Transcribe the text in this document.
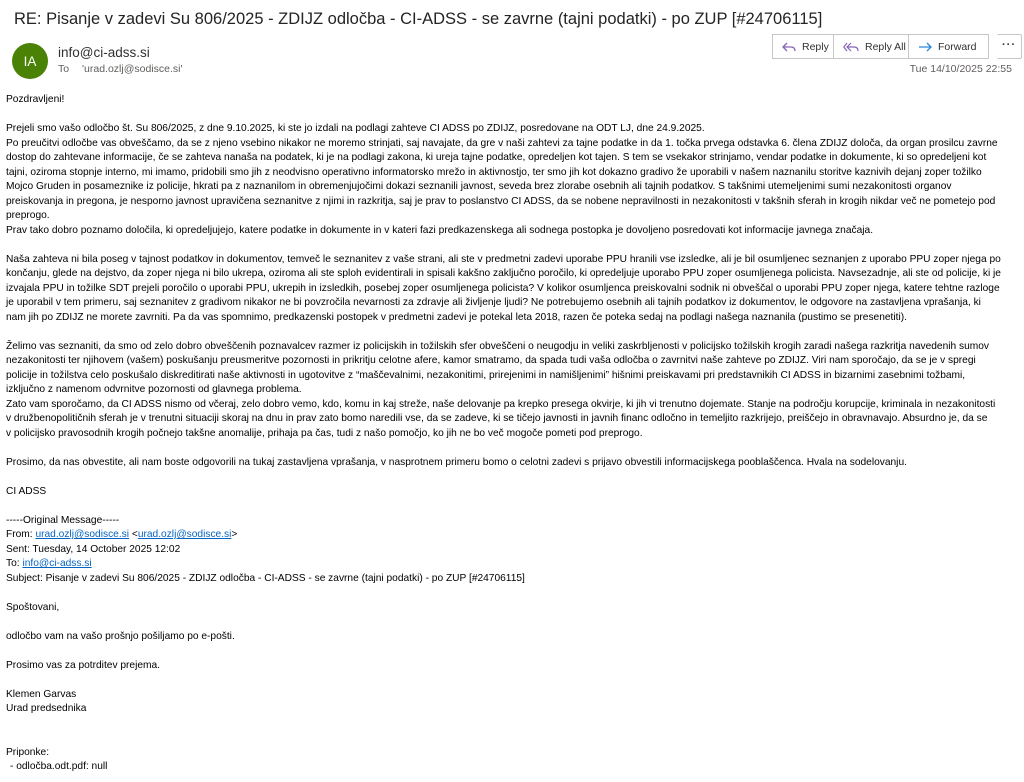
RE: Pisanje v zadevi Su 806/2025 - ZDIJZ odločba - CI-ADSS - se zavrne (tajni podatki) - po ZUP [#24706115]
IA
info@ci-adss.si
To 'urad.ozlj@sodisce.si'
Reply	Reply All	Forward	···
Tue 14/10/2025 22:55

Pozdravljeni!

Prejeli smo vašo odločbo št. Su 806/2025, z dne 9.10.2025, ki ste jo izdali na podlagi zahteve CI ADSS po ZDIJZ, posredovane na ODT LJ, dne 24.9.2025.

Po preučitvi odločbe vas obveščamo, da se z njeno vsebino nikakor ne moremo strinjati, saj navajate, da gre v naši zahtevi za tajne podatke in da 1. točka prvega odstavka 6. člena ZDIJZ določa, da organ prosilcu zavrne

dostop do zahtevane informacije, če se zahteva nanaša na podatek, ki je na podlagi zakona, ki ureja tajne podatke, opredeljen kot tajen. S tem se vsekakor strinjamo, vendar podatke in dokumente, ki so opredeljeni kot

tajni, oziroma stopnje interno, mi imamo, pridobili smo jih z neodvisno operativno informatorsko mrežo in aktivnostjo, ter smo jih kot dokazno gradivo že uporabili v našem naznanilu storitve kaznivih dejanj zoper tožilko

Mojco Gruden in posameznike iz policije, hkrati pa z naznanilom in obremenjujočimi dokazi seznanili javnost, seveda brez zlorabe osebnih ali tajnih podatkov. S takšnimi utemeljenimi sumi nezakonitosti organov

preiskovanja in pregona, je nesporno javnost upravičena seznanitve z njimi in razkritja, saj je prav to poslanstvo CI ADSS, da se nobene nepravilnosti in nezakonitosti v takšnih sferah in krogih nikdar več ne pometejo pod

preprogo.

Prav tako dobro poznamo določila, ki opredeljujejo, katere podatke in dokumente in v kateri fazi predkazenskega ali sodnega postopka je dovoljeno posredovati kot informacije javnega značaja.

Naša zahteva ni bila poseg v tajnost podatkov in dokumentov, temveč le seznanitev z vaše strani, ali ste v predmetni zadevi uporabe PPU hranili vse izsledke, ali je bil osumljenec seznanjen z uporabo PPU zoper njega po

končanju, glede na dejstvo, da zoper njega ni bilo ukrepa, oziroma ali ste sploh evidentirali in spisali kakšno zaključno poročilo, ki opredeljuje uporabo PPU zoper osumljenega policista. Navsezadnje, ali ste od policije, ki je

izvajala PPU in tožilke SDT prejeli poročilo o uporabi PPU, ukrepih in izsledkih, posebej zoper osumljenega policista? V kolikor osumljenca preiskovalni sodnik ni obveščal o uporabi PPU zoper njega, katere tehtne razloge

je uporabil v tem primeru, saj seznanitev z gradivom nikakor ne bi povzročila nevarnosti za zdravje ali življenje ljudi? Ne potrebujemo osebnih ali tajnih podatkov iz dokumentov, le odgovore na zastavljena vprašanja, ki

nam jih po ZDIJZ ne morete zavrniti. Pa da vas spomnimo, predkazenski postopek v predmetni zadevi je potekal leta 2018, razen če poteka sedaj na podlagi našega naznanila (pustimo se presenetiti).

Želimo vas seznaniti, da smo od zelo dobro obveščenih poznavalcev razmer iz policijskih in tožilskih sfer obveščeni o neugodju in veliki zaskrbljenosti v policijsko tožilskih krogih zaradi našega razkritja navedenih sumov

nezakonitosti ter njihovem (vašem) poskušanju preusmeritve pozornosti in prikritju celotne afere, kamor smatramo, da spada tudi vaša odločba o zavrnitvi naše zahteve po ZDIJZ. Viri nam sporočajo, da se je v spregi

policije in tožilstva celo poskušalo diskreditirati naše aktivnosti in ugotovitve z “maščevalnimi, nezakonitimi, prirejenimi in namišljenimi” hišnimi preiskavami pri predstavnikih CI ADSS in bizarnimi zasebnimi tožbami,

izključno z namenom odvrnitve pozornosti od glavnega problema.

Zato vam sporočamo, da CI ADSS nismo od včeraj, zelo dobro vemo, kdo, komu in kaj streže, naše delovanje pa krepko presega okvirje, ki jih vi trenutno dojemate. Stanje na področju korupcije, kriminala in nezakonitosti

v družbenopolitičnih sferah je v trenutni situaciji skoraj na dnu in prav zato bomo naredili vse, da se zadeve, ki se tičejo javnosti in javnih financ odločno in temeljito razkrijejo, preiščejo in obravnavajo. Absurdno je, da se

v policijsko pravosodnih krogih počnejo takšne anomalije, prihaja pa čas, tudi z našo pomočjo, ko jih ne bo več mogoče pometi pod preprogo.

Prosimo, da nas obvestite, ali nam boste odgovorili na tukaj zastavljena vprašanja, v nasprotnem primeru bomo o celotni zadevi s prijavo obvestili informacijskega pooblaščenca. Hvala na sodelovanju.

CI ADSS

-----Original Message-----

From: urad.ozlj@sodisce.si <urad.ozlj@sodisce.si>

Sent: Tuesday, 14 October 2025 12:02

To: info@ci-adss.si

Subject: Pisanje v zadevi Su 806/2025 - ZDIJZ odločba - CI-ADSS - se zavrne (tajni podatki) - po ZUP [#24706115]

Spoštovani,

odločbo vam na vašo prošnjo pošiljamo po e-pošti.

Prosimo vas za potrditev prejema.

Klemen Garvas

Urad predsednika

Priponke:

- odločba.odt.pdf: null
